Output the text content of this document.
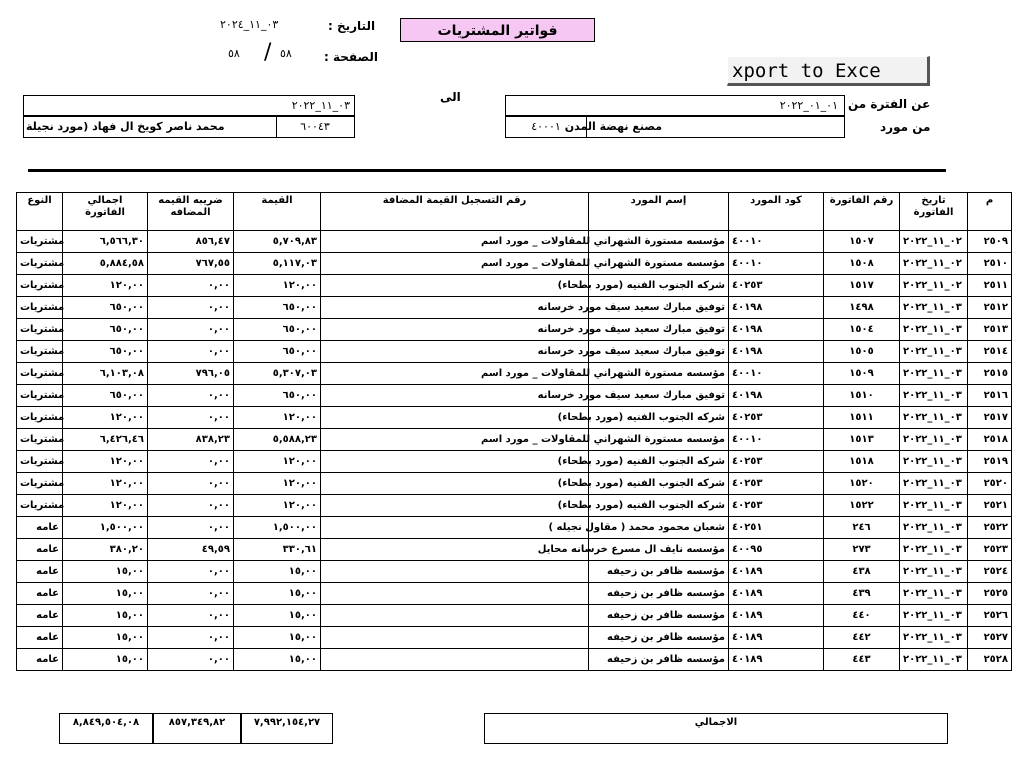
فواتير المشتريات
التاريخ :
٠٣_١١_٢٠٢٤
الصفحة :
٥٨
/
٥٨
xport to Exce
عن الفترة من
٠١_٠١_٢٠٢٢
من مورد
٤٠٠٠١ مصنع نهضة المدن
الى
٠٣_١١_٢٠٢٢
محمد ناصر كويخ ال فهاد (مورد نجيلة	٦٠٠٤٣
النوع	اجمالي الفاتورة	ضريبه القيمه المضافه	القيمة	رقم التسجيل القيمة المضافة	إسم المورد	كود المورد	رقم الفاتورة	تاريخ الفاتورة	م
مشتريات	٦,٥٦٦,٣٠	٨٥٦,٤٧	٥,٧٠٩,٨٣		مؤسسه مستورة الشهراني للمقاولات _ مورد اسم	٤٠٠١٠	١٥٠٧	٠٢_١١_٢٠٢٢	٢٥٠٩
مشتريات	٥,٨٨٤,٥٨	٧٦٧,٥٥	٥,١١٧,٠٣		مؤسسه مستورة الشهراني للمقاولات _ مورد اسم	٤٠٠١٠	١٥٠٨	٠٢_١١_٢٠٢٢	٢٥١٠
مشتريات	١٢٠,٠٠	٠,٠٠	١٢٠,٠٠		شركه الجنوب الفنيه (مورد بطحاء)	٤٠٢٥٣	١٥١٧	٠٢_١١_٢٠٢٢	٢٥١١
مشتريات	٦٥٠,٠٠	٠,٠٠	٦٥٠,٠٠		توفيق مبارك سعيد سيف مورد خرسانه	٤٠١٩٨	١٤٩٨	٠٣_١١_٢٠٢٢	٢٥١٢
مشتريات	٦٥٠,٠٠	٠,٠٠	٦٥٠,٠٠		توفيق مبارك سعيد سيف مورد خرسانه	٤٠١٩٨	١٥٠٤	٠٣_١١_٢٠٢٢	٢٥١٣
مشتريات	٦٥٠,٠٠	٠,٠٠	٦٥٠,٠٠		توفيق مبارك سعيد سيف مورد خرسانه	٤٠١٩٨	١٥٠٥	٠٣_١١_٢٠٢٢	٢٥١٤
مشتريات	٦,١٠٣,٠٨	٧٩٦,٠٥	٥,٣٠٧,٠٣		مؤسسه مستورة الشهراني للمقاولات _ مورد اسم	٤٠٠١٠	١٥٠٩	٠٣_١١_٢٠٢٢	٢٥١٥
مشتريات	٦٥٠,٠٠	٠,٠٠	٦٥٠,٠٠		توفيق مبارك سعيد سيف مورد خرسانه	٤٠١٩٨	١٥١٠	٠٣_١١_٢٠٢٢	٢٥١٦
مشتريات	١٢٠,٠٠	٠,٠٠	١٢٠,٠٠		شركه الجنوب الفنيه (مورد بطحاء)	٤٠٢٥٣	١٥١١	٠٣_١١_٢٠٢٢	٢٥١٧
مشتريات	٦,٤٢٦,٤٦	٨٣٨,٢٣	٥,٥٨٨,٢٣		مؤسسه مستورة الشهراني للمقاولات _ مورد اسم	٤٠٠١٠	١٥١٣	٠٣_١١_٢٠٢٢	٢٥١٨
مشتريات	١٢٠,٠٠	٠,٠٠	١٢٠,٠٠		شركه الجنوب الفنيه (مورد بطحاء)	٤٠٢٥٣	١٥١٨	٠٣_١١_٢٠٢٢	٢٥١٩
مشتريات	١٢٠,٠٠	٠,٠٠	١٢٠,٠٠		شركه الجنوب الفنيه (مورد بطحاء)	٤٠٢٥٣	١٥٢٠	٠٣_١١_٢٠٢٢	٢٥٢٠
مشتريات	١٢٠,٠٠	٠,٠٠	١٢٠,٠٠		شركه الجنوب الفنيه (مورد بطحاء)	٤٠٢٥٣	١٥٢٢	٠٣_١١_٢٠٢٢	٢٥٢١
عامه	١,٥٠٠,٠٠	٠,٠٠	١,٥٠٠,٠٠		شعبان محمود محمد ( مقاول نجيله )	٤٠٢٥١	٢٤٦	٠٣_١١_٢٠٢٢	٢٥٢٢
عامه	٣٨٠,٢٠	٤٩,٥٩	٣٣٠,٦١		مؤسسه نايف ال مسرع خرسانه محايل	٤٠٠٩٥	٢٧٣	٠٣_١١_٢٠٢٢	٢٥٢٣
عامه	١٥,٠٠	٠,٠٠	١٥,٠٠		مؤسسه ظافر بن زحيفه	٤٠١٨٩	٤٣٨	٠٣_١١_٢٠٢٢	٢٥٢٤
عامه	١٥,٠٠	٠,٠٠	١٥,٠٠		مؤسسه ظافر بن زحيفه	٤٠١٨٩	٤٣٩	٠٣_١١_٢٠٢٢	٢٥٢٥
عامه	١٥,٠٠	٠,٠٠	١٥,٠٠		مؤسسه ظافر بن زحيفه	٤٠١٨٩	٤٤٠	٠٣_١١_٢٠٢٢	٢٥٢٦
عامه	١٥,٠٠	٠,٠٠	١٥,٠٠		مؤسسه ظافر بن زحيفه	٤٠١٨٩	٤٤٢	٠٣_١١_٢٠٢٢	٢٥٢٧
عامه	١٥,٠٠	٠,٠٠	١٥,٠٠		مؤسسه ظافر بن زحيفه	٤٠١٨٩	٤٤٣	٠٣_١١_٢٠٢٢	٢٥٢٨
٨,٨٤٩,٥٠٤,٠٨	٨٥٧,٣٤٩,٨٢	٧,٩٩٢,١٥٤,٢٧	الاجمالي
